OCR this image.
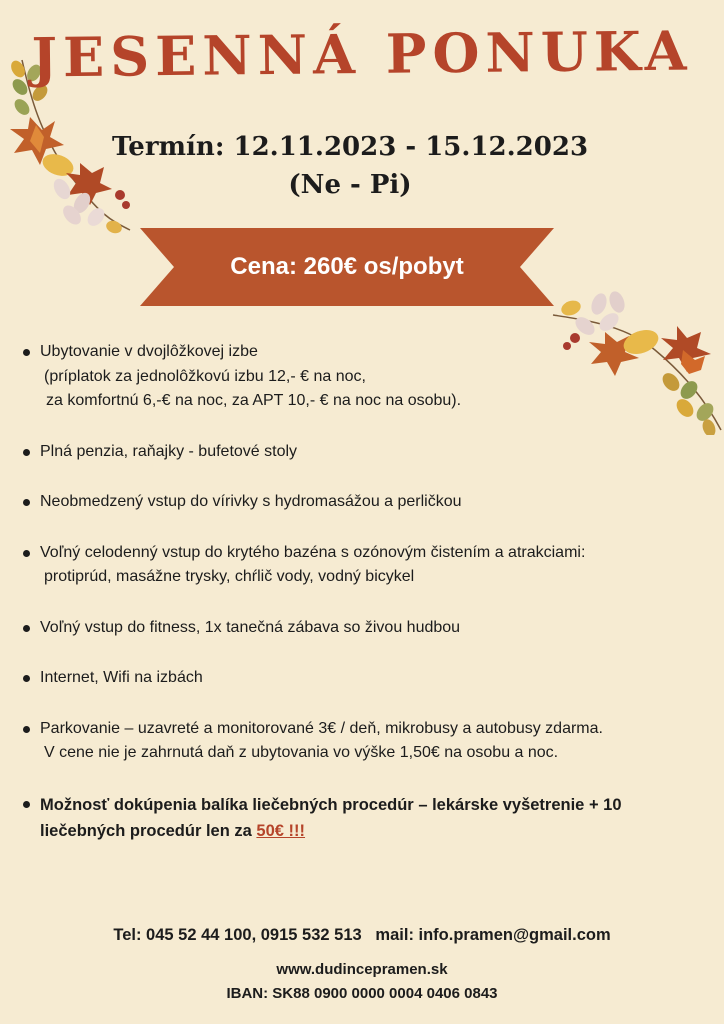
JESENNÁ PONUKA
Termín: 12.11.2023 - 15.12.2023
(Ne - Pi)
Cena: 260€ os/pobyt
Ubytovanie v dvojlôžkovej izbe
(príplatok za jednolôžkovú izbu 12,- € na noc,
za komfortnú 6,-€ na noc, za APT 10,- € na noc na osobu).
Plná penzia, raňajky - bufetové stoly
Neobmedzený vstup do vírivky s hydromasážou a perličkou
Voľný celodenný vstup do krytého bazéna s ozónovým čistením a atrakciami:
protiprúd, masážne trysky, chŕlič vody, vodný bicykel
Voľný vstup do fitness, 1x tanečná zábava so živou hudbou
Internet, Wifi na izbách
Parkovanie – uzavreté a monitorované 3€ / deň, mikrobusy a autobusy zdarma.
V cene nie je zahrnutá daň z ubytovania vo výške 1,50€ na osobu a noc.
Možnosť dokúpenia balíka liečebných procedúr – lekárske vyšetrenie + 10
liečebných procedúr len za 50€ !!!
Tel: 045 52 44 100, 0915 532 513   mail: info.pramen@gmail.com
www.dudincepramen.sk
IBAN: SK88 0900 0000 0004 0406 0843
